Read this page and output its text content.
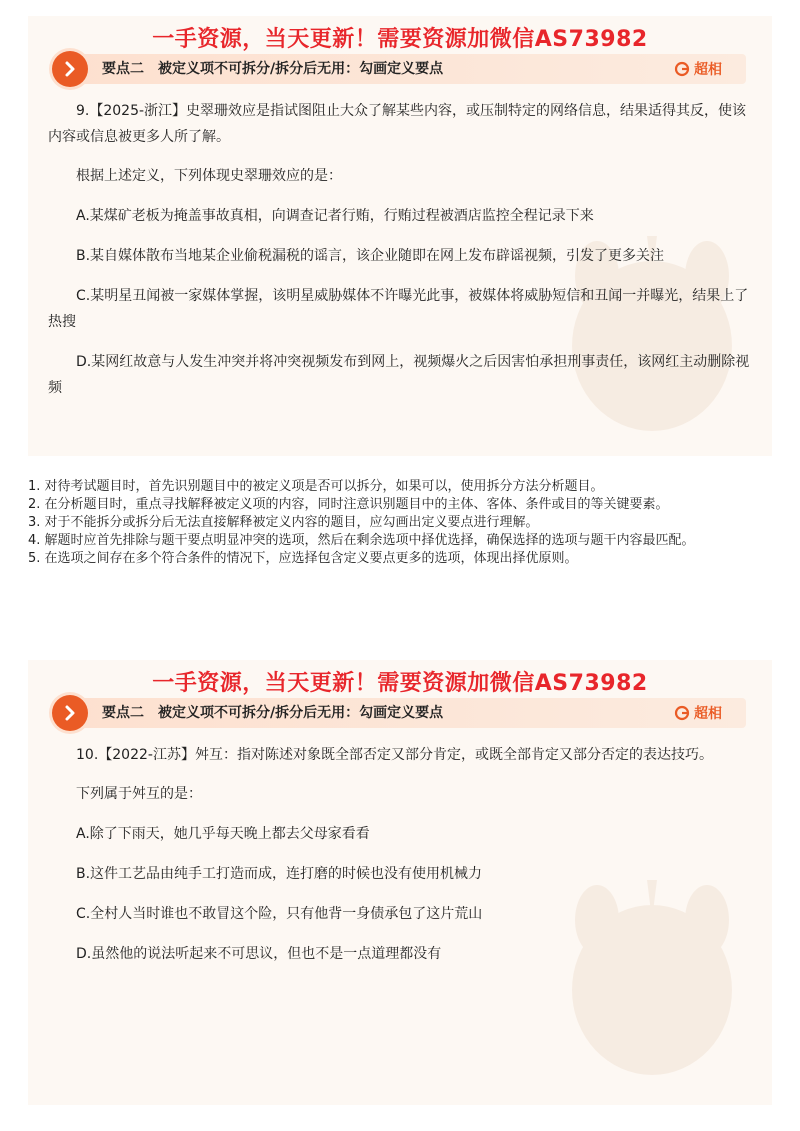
一手资源，当天更新！需要资源加微信AS73982
要点二　被定义项不可拆分/拆分后无用：勾画定义要点	超相

9.【2025-浙江】史翠珊效应是指试图阻止大众了解某些内容，或压制特定的网络信息，结果适得其反，使该内容或信息被更多人所了解。

根据上述定义，下列体现史翠珊效应的是：

A.某煤矿老板为掩盖事故真相，向调查记者行贿，行贿过程被酒店监控全程记录下来

B.某自媒体散布当地某企业偷税漏税的谣言，该企业随即在网上发布辟谣视频，引发了更多关注

C.某明星丑闻被一家媒体掌握，该明星威胁媒体不许曝光此事，被媒体将威胁短信和丑闻一并曝光，结果上了热搜

D.某网红故意与人发生冲突并将冲突视频发布到网上，视频爆火之后因害怕承担刑事责任，该网红主动删除视频

1. 对待考试题目时，首先识别题目中的被定义项是否可以拆分，如果可以，使用拆分方法分析题目。

2. 在分析题目时，重点寻找解释被定义项的内容，同时注意识别题目中的主体、客体、条件或目的等关键要素。

3. 对于不能拆分或拆分后无法直接解释被定义内容的题目，应勾画出定义要点进行理解。

4. 解题时应首先排除与题干要点明显冲突的选项，然后在剩余选项中择优选择，确保选择的选项与题干内容最匹配。

5. 在选项之间存在多个符合条件的情况下，应选择包含定义要点更多的选项，体现出择优原则。

一手资源，当天更新！需要资源加微信AS73982
要点二　被定义项不可拆分/拆分后无用：勾画定义要点	超相

10.【2022-江苏】舛互：指对陈述对象既全部否定又部分肯定，或既全部肯定又部分否定的表达技巧。

下列属于舛互的是：

A.除了下雨天，她几乎每天晚上都去父母家看看

B.这件工艺品由纯手工打造而成，连打磨的时候也没有使用机械力

C.全村人当时谁也不敢冒这个险，只有他背一身债承包了这片荒山

D.虽然他的说法听起来不可思议，但也不是一点道理都没有
